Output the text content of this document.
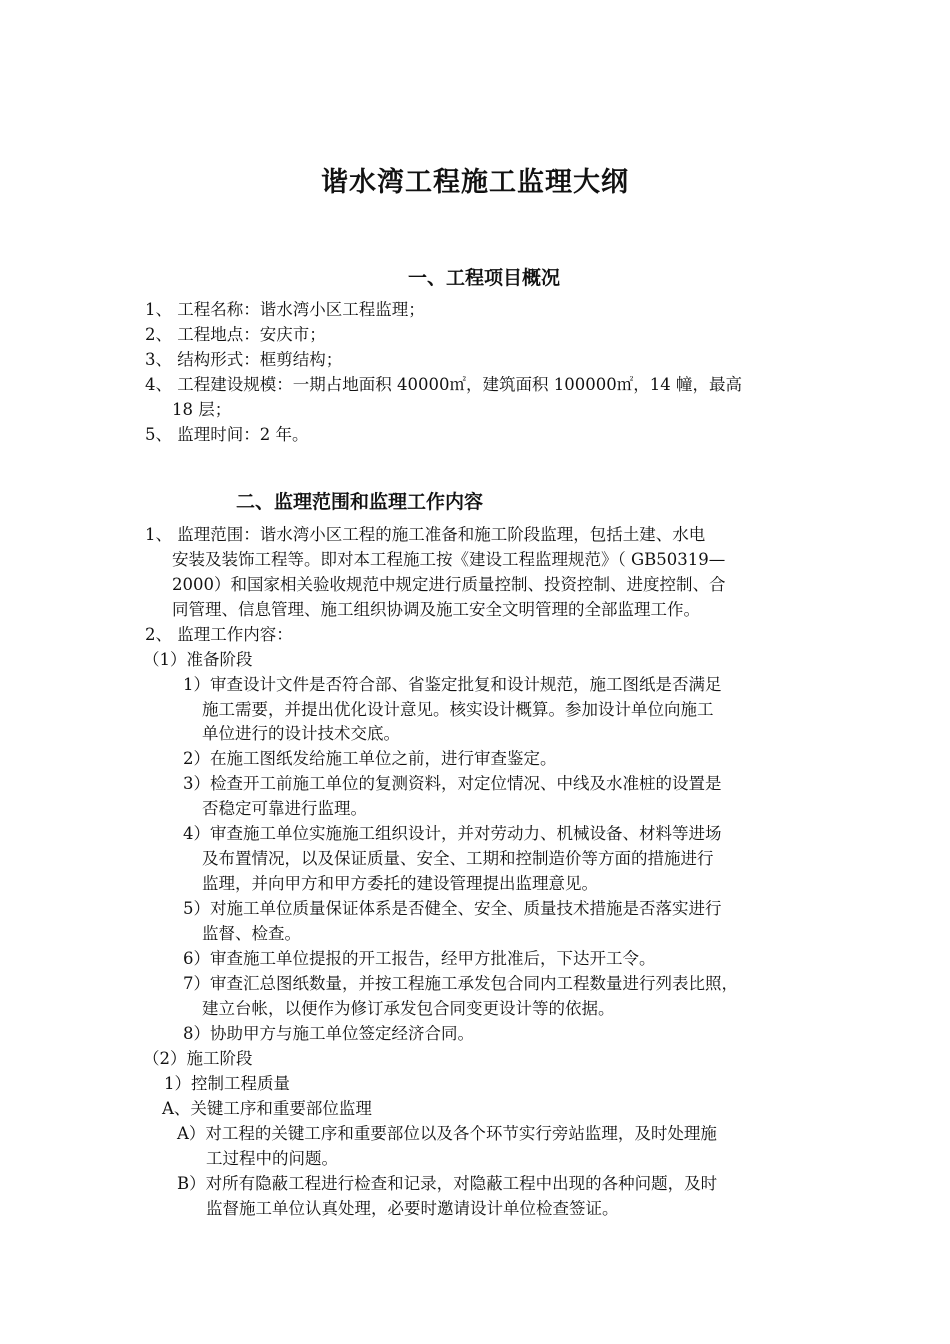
谐水湾工程施工监理大纲
一、工程项目概况

1、 工程名称：谐水湾小区工程监理；

2、 工程地点：安庆市；

3、 结构形式：框剪结构；

4、 工程建设规模：一期占地面积 40000㎡，建筑面积 100000㎡，14 幢，最高

18 层；

5、 监理时间：2 年。

二、监理范围和监理工作内容

1、 监理范围：谐水湾小区工程的施工准备和施工阶段监理，包括土建、水电

安装及装饰工程等。即对本工程施工按《建设工程监理规范》（ GB50319—

2000）和国家相关验收规范中规定进行质量控制、投资控制、进度控制、合

同管理、信息管理、施工组织协调及施工安全文明管理的全部监理工作。

2、 监理工作内容：

（1）准备阶段

1）审查设计文件是否符合部、省鉴定批复和设计规范，施工图纸是否满足

施工需要，并提出优化设计意见。核实设计概算。参加设计单位向施工

单位进行的设计技术交底。

2）在施工图纸发给施工单位之前，进行审查鉴定。

3）检查开工前施工单位的复测资料，对定位情况、中线及水准桩的设置是

否稳定可靠进行监理。

4）审查施工单位实施施工组织设计，并对劳动力、机械设备、材料等进场

及布置情况，以及保证质量、安全、工期和控制造价等方面的措施进行

监理，并向甲方和甲方委托的建设管理提出监理意见。

5）对施工单位质量保证体系是否健全、安全、质量技术措施是否落实进行

监督、检查。

6）审查施工单位提报的开工报告，经甲方批准后，下达开工令。

7）审查汇总图纸数量，并按工程施工承发包合同内工程数量进行列表比照，

建立台帐，以便作为修订承发包合同变更设计等的依据。

8）协助甲方与施工单位签定经济合同。

（2）施工阶段

1）控制工程质量

A、关键工序和重要部位监理

A）对工程的关键工序和重要部位以及各个环节实行旁站监理，及时处理施

工过程中的问题。

B）对所有隐蔽工程进行检查和记录，对隐蔽工程中出现的各种问题，及时

监督施工单位认真处理，必要时邀请设计单位检查签证。
